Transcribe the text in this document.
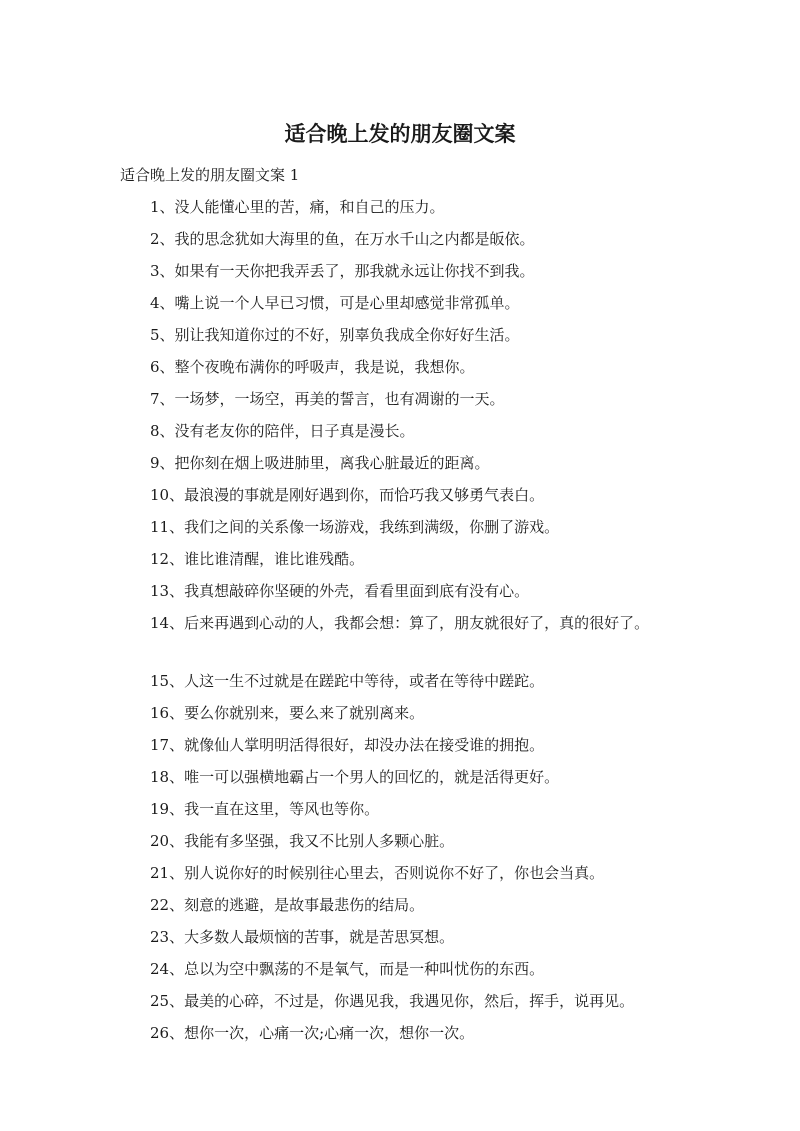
适合晚上发的朋友圈文案

适合晚上发的朋友圈文案 1

1、没人能懂心里的苦，痛，和自己的压力。
2、我的思念犹如大海里的鱼，在万水千山之内都是皈依。
3、如果有一天你把我弄丢了，那我就永远让你找不到我。
4、嘴上说一个人早已习惯，可是心里却感觉非常孤单。
5、别让我知道你过的不好，别辜负我成全你好好生活。
6、整个夜晚布满你的呼吸声，我是说，我想你。
7、一场梦，一场空，再美的誓言，也有凋谢的一天。
8、没有老友你的陪伴，日子真是漫长。
9、把你刻在烟上吸进肺里，离我心脏最近的距离。
10、最浪漫的事就是刚好遇到你，而恰巧我又够勇气表白。
11、我们之间的关系像一场游戏，我练到满级，你删了游戏。
12、谁比谁清醒，谁比谁残酷。
13、我真想敲碎你坚硬的外壳，看看里面到底有没有心。
14、后来再遇到心动的人，我都会想：算了，朋友就很好了，真的很好了。
15、人这一生不过就是在蹉跎中等待，或者在等待中蹉跎。
16、要么你就别来，要么来了就别离来。
17、就像仙人掌明明活得很好，却没办法在接受谁的拥抱。
18、唯一可以强横地霸占一个男人的回忆的，就是活得更好。
19、我一直在这里，等风也等你。
20、我能有多坚强，我又不比别人多颗心脏。
21、别人说你好的时候别往心里去，否则说你不好了，你也会当真。
22、刻意的逃避，是故事最悲伤的结局。
23、大多数人最烦恼的苦事，就是苦思冥想。
24、总以为空中飘荡的不是氧气，而是一种叫忧伤的东西。
25、最美的心碎，不过是，你遇见我，我遇见你，然后，挥手，说再见。
26、想你一次，心痛一次;心痛一次，想你一次。
